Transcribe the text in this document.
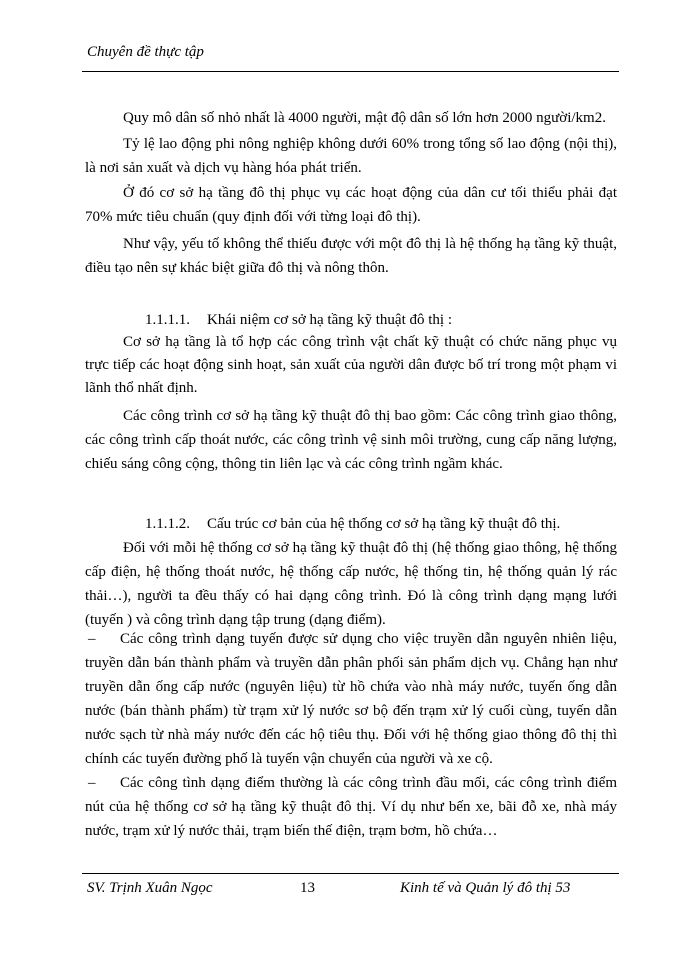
Chuyên đề thực tập
Quy mô dân số nhỏ nhất là 4000 người, mật độ dân số lớn hơn 2000 người/km2.
Tỷ lệ lao động phi nông nghiệp không dưới 60% trong tổng số lao động (nội thị), là nơi sản xuất và dịch vụ hàng hóa phát triển.
Ở đó cơ sở hạ tầng đô thị phục vụ các hoạt động của dân cư tối thiểu phải đạt 70% mức tiêu chuẩn (quy định đối với từng loại đô thị).
Như vậy, yếu tố không thể thiếu được với một đô thị là hệ thống hạ tầng kỹ thuật, điều tạo nên sự khác biệt giữa đô thị và nông thôn.
1.1.1.1. Khái niệm cơ sở hạ tầng kỹ thuật đô thị :
Cơ sở hạ tầng là tổ hợp các công trình vật chất kỹ thuật có chức năng phục vụ trực tiếp các hoạt động sinh hoạt, sản xuất của người dân được bố trí trong một phạm vi lãnh thổ nhất định.
Các công trình cơ sở hạ tầng kỹ thuật đô thị bao gồm: Các công trình giao thông, các công trình cấp thoát nước, các công trình vệ sinh môi trường, cung cấp năng lượng, chiếu sáng công cộng, thông tin liên lạc và các công trình ngầm khác.
1.1.1.2. Cấu trúc cơ bản của hệ thống cơ sở hạ tầng kỹ thuật đô thị.
Đối với mỗi hệ thống cơ sở hạ tầng kỹ thuật đô thị (hệ thống giao thông, hệ thống cấp điện, hệ thống thoát nước, hệ thống cấp nước, hệ thống tin, hệ thống quản lý rác thải…), người ta đều thấy có hai dạng công trình. Đó là công trình dạng mạng lưới (tuyến ) và công trình dạng tập trung (dạng điểm).
– Các công trình dạng tuyến được sử dụng cho việc truyền dẫn nguyên nhiên liệu, truyền dẫn bán thành phẩm và truyền dẫn phân phối sản phẩm dịch vụ. Chẳng hạn như truyền dẫn ống cấp nước (nguyên liệu) từ hồ chứa vào nhà máy nước, tuyến ống dẫn nước (bán thành phẩm) từ trạm xử lý nước sơ bộ đến trạm xử lý cuối cùng, tuyến dẫn nước sạch từ nhà máy nước đến các hộ tiêu thụ. Đối với hệ thống giao thông đô thị thì chính các tuyến đường phố là tuyến vận chuyển của người và xe cộ.
– Các công tình dạng điểm thường là các công trình đầu mối, các công trình điểm nút của hệ thống cơ sở hạ tầng kỹ thuật đô thị. Ví dụ như bến xe, bãi đỗ xe, nhà máy nước, trạm xử lý nước thải, trạm biến thế điện, trạm bơm, hồ chứa…
SV. Trịnh Xuân Ngọc	13	Kinh tế và Quản lý đô thị 53
